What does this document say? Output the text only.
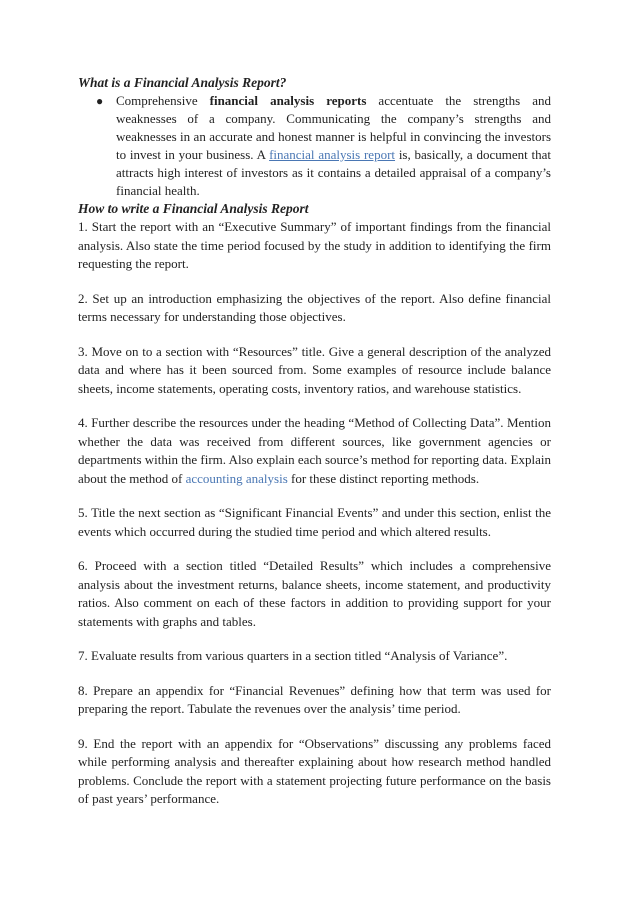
What is a Financial Analysis Report?
● Comprehensive financial analysis reports accentuate the strengths and weaknesses of a company. Communicating the company’s strengths and weaknesses in an accurate and honest manner is helpful in convincing the investors to invest in your business. A financial analysis report is, basically, a document that attracts high interest of investors as it contains a detailed appraisal of a company’s financial health.
How to write a Financial Analysis Report

1. Start the report with an “Executive Summary” of important findings from the financial analysis. Also state the time period focused by the study in addition to identifying the firm requesting the report.

2. Set up an introduction emphasizing the objectives of the report. Also define financial terms necessary for understanding those objectives.

3. Move on to a section with “Resources” title. Give a general description of the analyzed data and where has it been sourced from. Some examples of resource include balance sheets, income statements, operating costs, inventory ratios, and warehouse statistics.

4. Further describe the resources under the heading “Method of Collecting Data”. Mention whether the data was received from different sources, like government agencies or departments within the firm. Also explain each source’s method for reporting data. Explain about the method of accounting analysis for these distinct reporting methods.

5. Title the next section as “Significant Financial Events” and under this section, enlist the events which occurred during the studied time period and which altered results.

6. Proceed with a section titled “Detailed Results” which includes a comprehensive analysis about the investment returns, balance sheets, income statement, and productivity ratios. Also comment on each of these factors in addition to providing support for your statements with graphs and tables.

7. Evaluate results from various quarters in a section titled “Analysis of Variance”.

8. Prepare an appendix for “Financial Revenues” defining how that term was used for preparing the report. Tabulate the revenues over the analysis’ time period.

9. End the report with an appendix for “Observations” discussing any problems faced while performing analysis and thereafter explaining about how research method handled problems. Conclude the report with a statement projecting future performance on the basis of past years’ performance.
